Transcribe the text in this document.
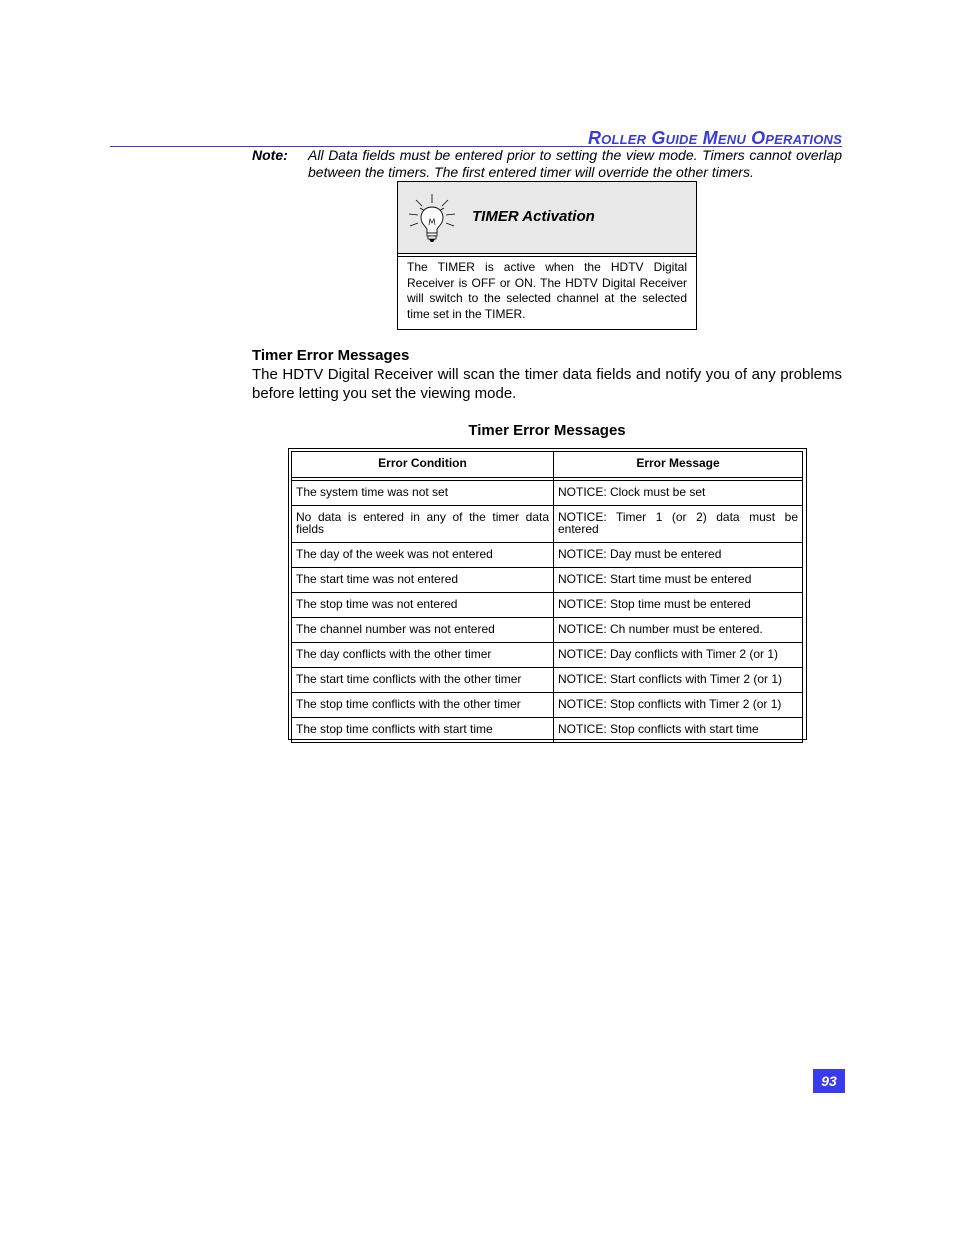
Roller Guide Menu Operations
Note: All Data fields must be entered prior to setting the view mode. Timers cannot overlap between the timers. The first entered timer will override the other timers.
TIMER Activation
The TIMER is active when the HDTV Digital Receiver is OFF or ON. The HDTV Digital Receiver will switch to the selected channel at the selected time set in the TIMER.
Timer Error Messages
The HDTV Digital Receiver will scan the timer data fields and notify you of any problems before letting you set the viewing mode.
Timer Error Messages
Error Condition	Error Message

The system time was not set	NOTICE: Clock must be set
No data is entered in any of the timer data fields	NOTICE: Timer 1 (or 2) data must be entered
The day of the week was not entered	NOTICE: Day must be entered
The start time was not entered	NOTICE: Start time must be entered
The stop time was not entered	NOTICE: Stop time must be entered
The channel number was not entered	NOTICE: Ch number must be entered.
The day conflicts with the other timer	NOTICE: Day conflicts with Timer 2 (or 1)
The start time conflicts with the other timer	NOTICE: Start conflicts with Timer 2 (or 1)
The stop time conflicts with the other timer	NOTICE: Stop conflicts with Timer 2 (or 1)
The stop time conflicts with start time	NOTICE: Stop conflicts with start time
93
